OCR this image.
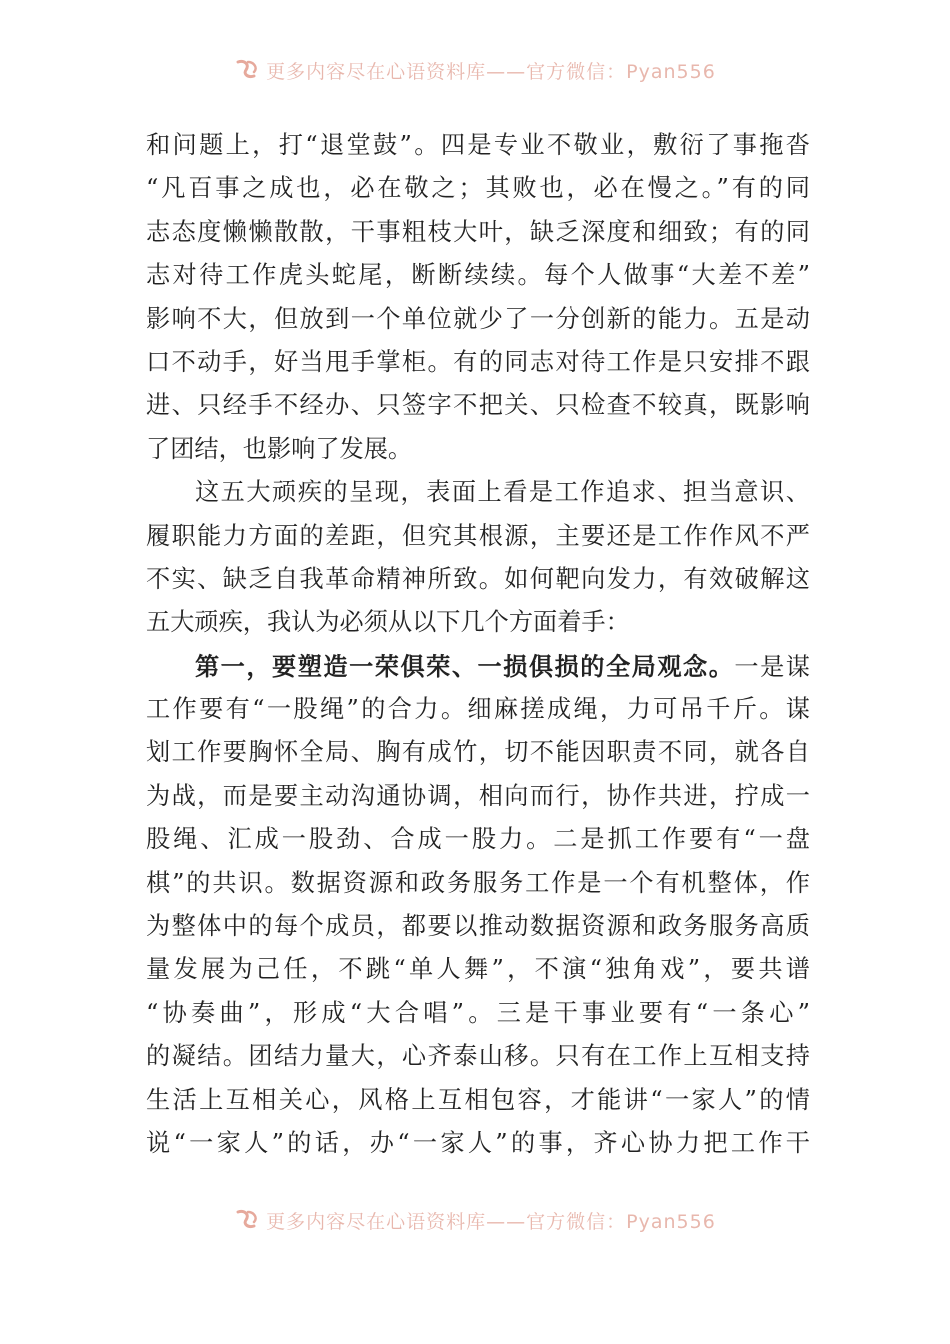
更多内容尽在心语资料库——官方微信：Pyan556
和问题上，打“退堂鼓”。四是专业不敬业，敷衍了事拖沓
“凡百事之成也，必在敬之；其败也，必在慢之。”有的同
志态度懒懒散散，干事粗枝大叶，缺乏深度和细致；有的同
志对待工作虎头蛇尾，断断续续。每个人做事“大差不差”
影响不大，但放到一个单位就少了一分创新的能力。五是动
口不动手，好当甩手掌柜。有的同志对待工作是只安排不跟
进、只经手不经办、只签字不把关、只检查不较真，既影响
了团结，也影响了发展。
这五大顽疾的呈现，表面上看是工作追求、担当意识、
履职能力方面的差距，但究其根源，主要还是工作作风不严
不实、缺乏自我革命精神所致。如何靶向发力，有效破解这
五大顽疾，我认为必须从以下几个方面着手：
第一，要塑造一荣俱荣、一损俱损的全局观念。一是谋
工作要有“一股绳”的合力。细麻搓成绳，力可吊千斤。谋
划工作要胸怀全局、胸有成竹，切不能因职责不同，就各自
为战，而是要主动沟通协调，相向而行，协作共进，拧成一
股绳、汇成一股劲、合成一股力。二是抓工作要有“一盘
棋”的共识。数据资源和政务服务工作是一个有机整体，作
为整体中的每个成员，都要以推动数据资源和政务服务高质
量发展为己任，不跳“单人舞”，不演“独角戏”，要共谱
“协奏曲”，形成“大合唱”。三是干事业要有“一条心”
的凝结。团结力量大，心齐泰山移。只有在工作上互相支持
生活上互相关心，风格上互相包容，才能讲“一家人”的情
说“一家人”的话，办“一家人”的事，齐心协力把工作干
更多内容尽在心语资料库——官方微信：Pyan556
